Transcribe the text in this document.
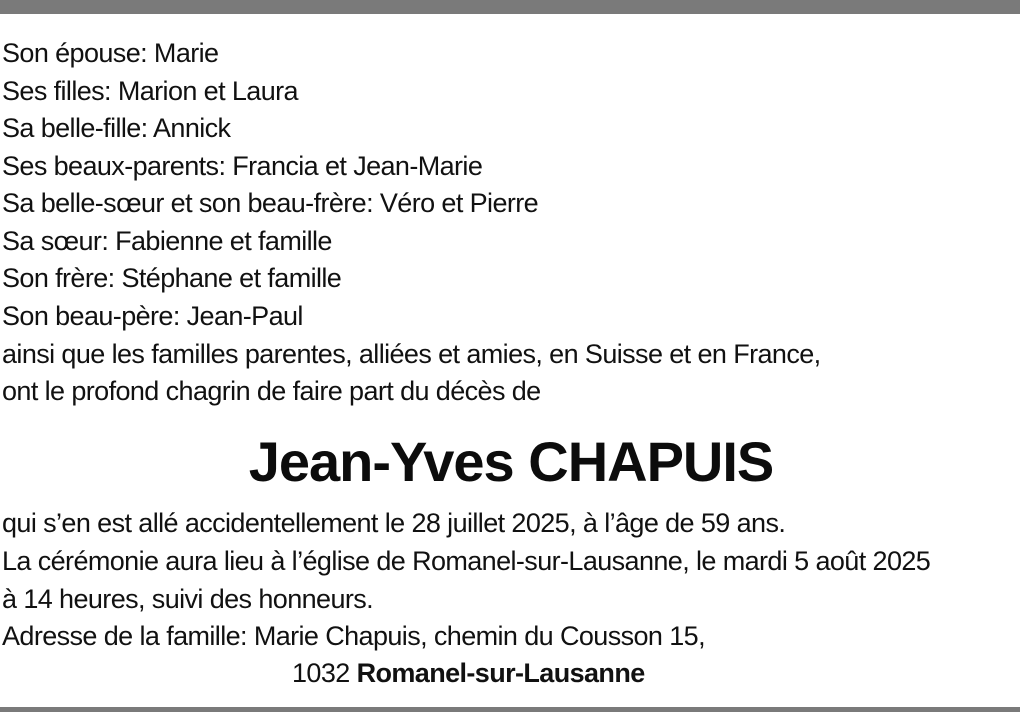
Son épouse: Marie
Ses filles: Marion et Laura
Sa belle-fille: Annick
Ses beaux-parents: Francia et Jean-Marie
Sa belle-sœur et son beau-frère: Véro et Pierre
Sa sœur: Fabienne et famille
Son frère: Stéphane et famille
Son beau-père: Jean-Paul
ainsi que les familles parentes, alliées et amies, en Suisse et en France,
ont le profond chagrin de faire part du décès de
Jean-Yves CHAPUIS
qui s’en est allé accidentellement le 28 juillet 2025, à l’âge de 59 ans.
La cérémonie aura lieu à l’église de Romanel-sur-Lausanne, le mardi 5 août 2025
à 14 heures, suivi des honneurs.
Adresse de la famille: Marie Chapuis, chemin du Cousson 15,
1032 Romanel-sur-Lausanne
